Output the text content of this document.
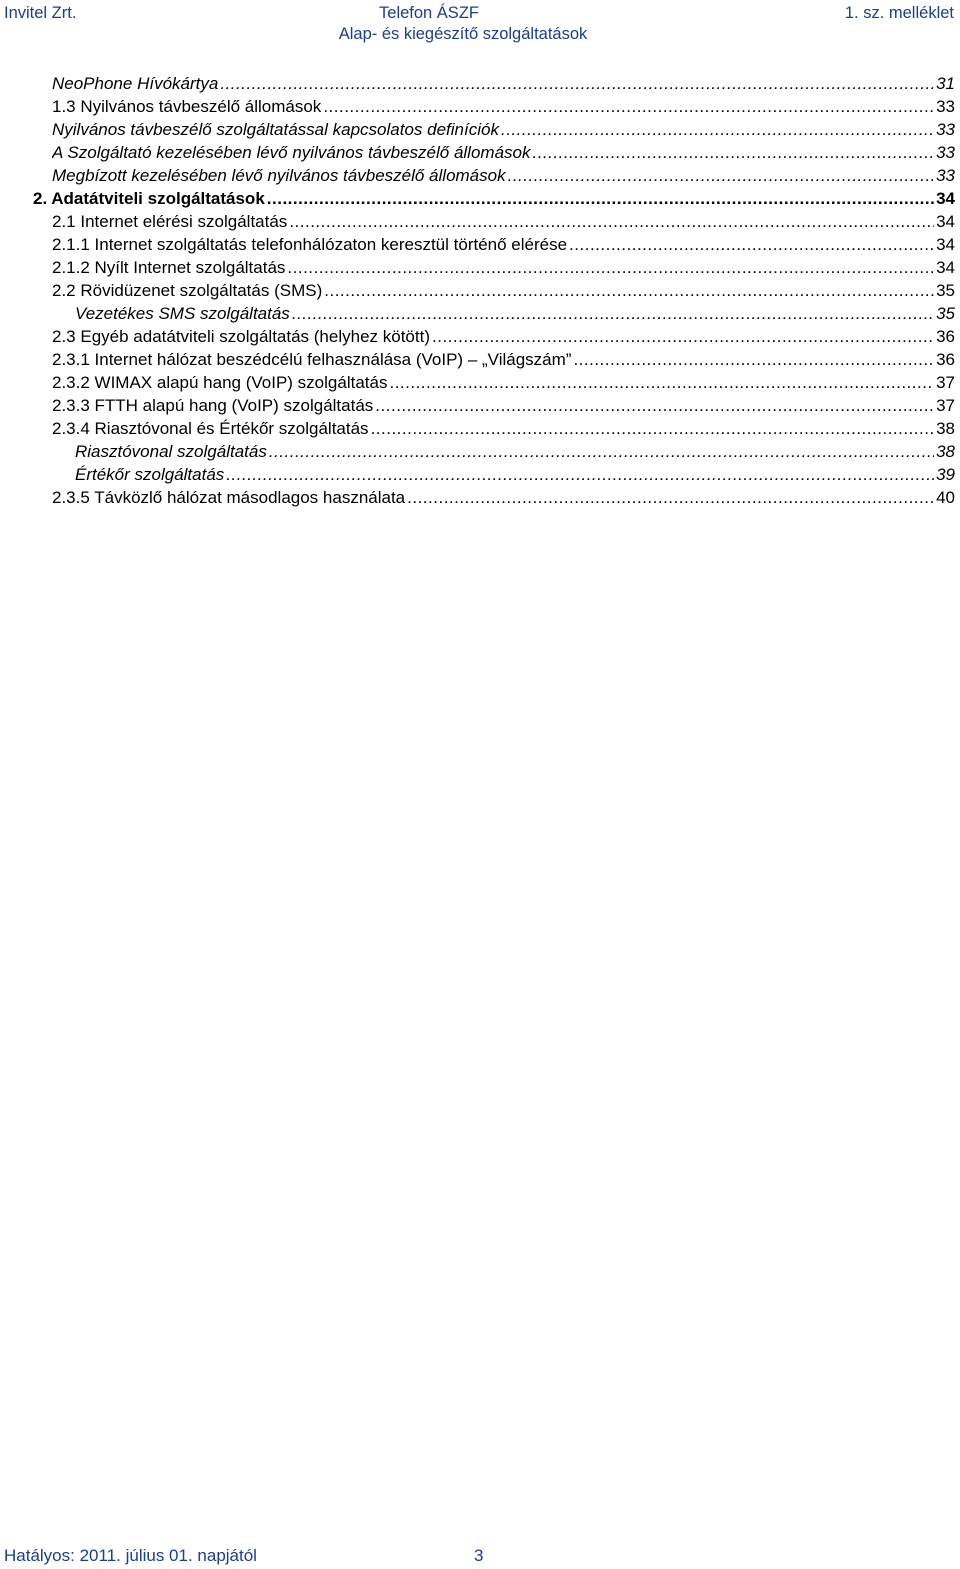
Invitel Zrt.	Telefon ÁSZF	1. sz. melléklet
Alap- és kiegészítő szolgáltatások
NeoPhone Hívókártya .....	31
1.3 Nyilvános távbeszélő állomások .....	33
Nyilvános távbeszélő szolgáltatással kapcsolatos definíciók .....	33
A Szolgáltató kezelésében lévő nyilvános távbeszélő állomások .....	33
Megbízott kezelésében lévő nyilvános távbeszélő állomások .....	33
2. Adatátviteli szolgáltatások .....	34
2.1 Internet elérési szolgáltatás .....	34
2.1.1 Internet szolgáltatás telefonhálózaton keresztül történő elérése .....	34
2.1.2 Nyílt Internet szolgáltatás .....	34
2.2 Rövidüzenet szolgáltatás (SMS) .....	35
Vezetékes SMS szolgáltatás .....	35
2.3 Egyéb adatátviteli szolgáltatás (helyhez kötött) .....	36
2.3.1 Internet hálózat beszédcélú felhasználása (VoIP) – „Világszám” .....	36
2.3.2 WIMAX alapú hang (VoIP) szolgáltatás .....	37
2.3.3 FTTH alapú hang (VoIP) szolgáltatás .....	37
2.3.4 Riasztóvonal és Értékőr szolgáltatás .....	38
Riasztóvonal szolgáltatás .....	38
Értékőr szolgáltatás .....	39
2.3.5 Távközlő hálózat másodlagos használata .....	40
Hatályos: 2011. július 01. napjától	3
